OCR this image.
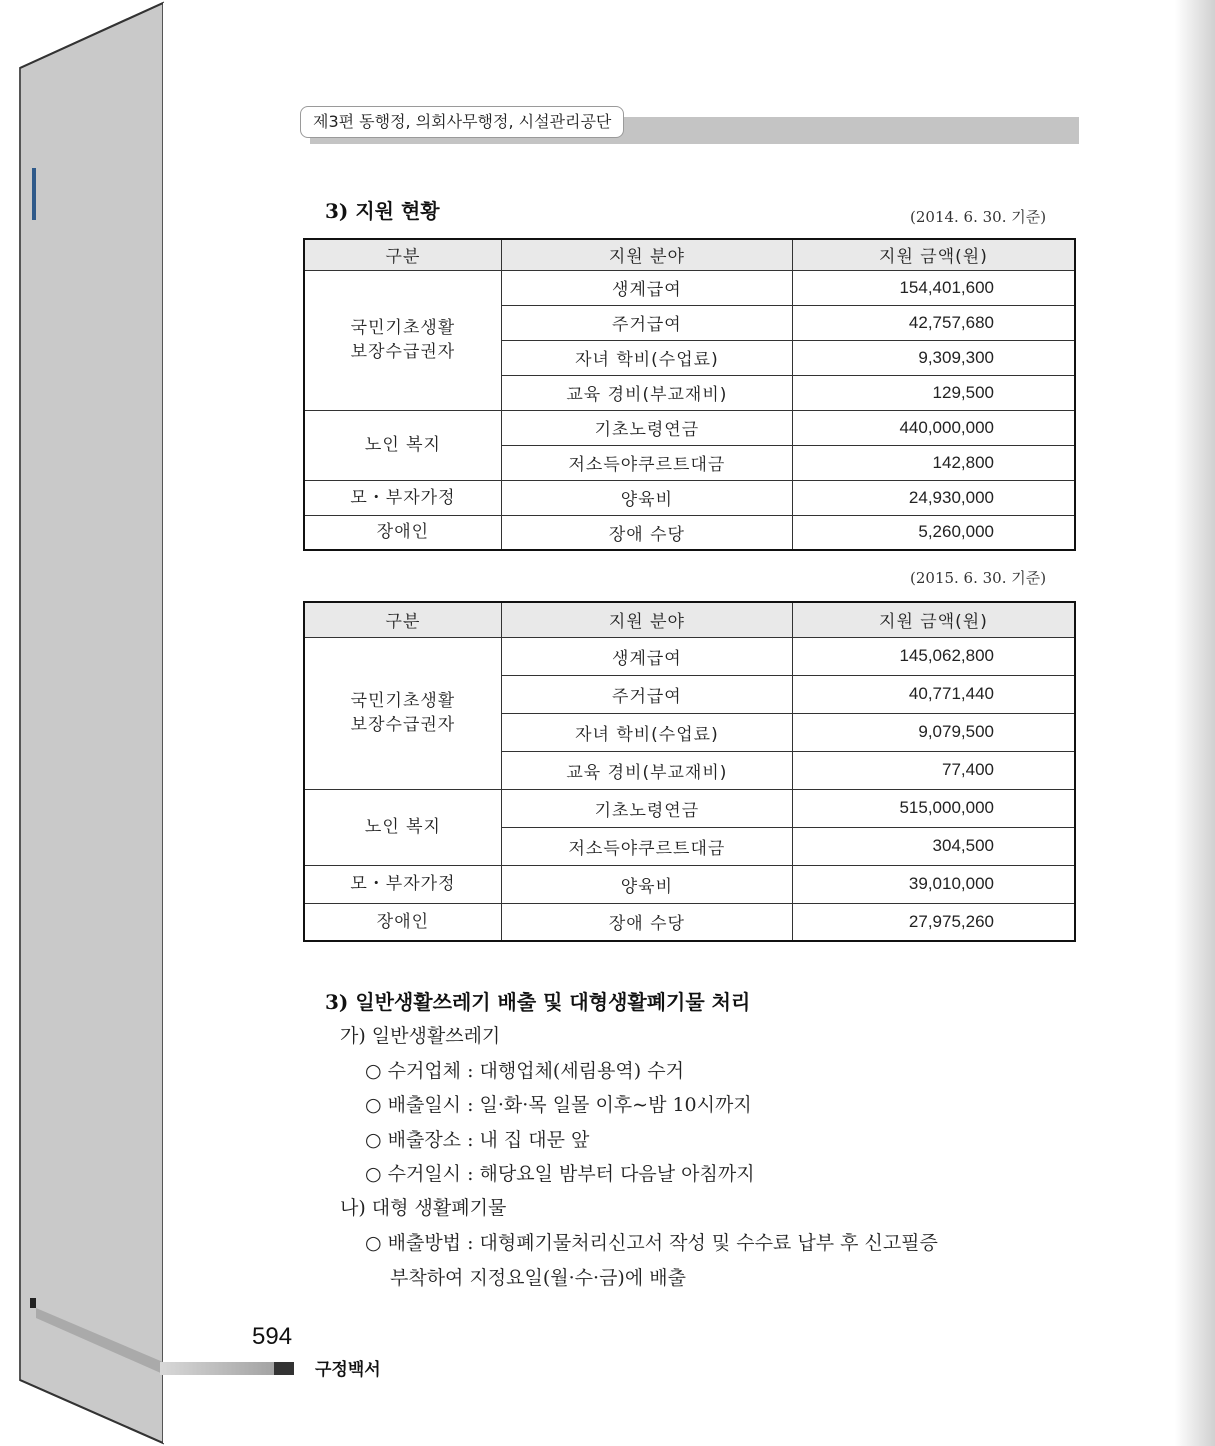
제3편 동행정, 의회사무행정, 시설관리공단
3) 지원 현황	(2014. 6. 30. 기준)
구분	지원 분야	지원 금액(원)
국민기초생활
보장수급권자	생계급여	154,401,600
	주거급여	42,757,680
	자녀 학비(수업료)	9,309,300
	교육 경비(부교재비)	129,500
노인 복지	기초노령연금	440,000,000
	저소득야쿠르트대금	142,800
모・부자가정	양육비	24,930,000
장애인	장애 수당	5,260,000
(2015. 6. 30. 기준)
구분	지원 분야	지원 금액(원)
국민기초생활
보장수급권자	생계급여	145,062,800
	주거급여	40,771,440
	자녀 학비(수업료)	9,079,500
	교육 경비(부교재비)	77,400
노인 복지	기초노령연금	515,000,000
	저소득야쿠르트대금	304,500
모・부자가정	양육비	39,010,000
장애인	장애 수당	27,975,260
3) 일반생활쓰레기 배출 및 대형생활폐기물 처리
가) 일반생활쓰레기
○ 수거업체 : 대행업체(세림용역) 수거
○ 배출일시 : 일·화·목 일몰 이후∼밤 10시까지
○ 배출장소 : 내 집 대문 앞
○ 수거일시 : 해당요일 밤부터 다음날 아침까지
나) 대형 생활폐기물
○ 배출방법 : 대형폐기물처리신고서 작성 및 수수료 납부 후 신고필증
부착하여 지정요일(월·수·금)에 배출
594
구정백서
